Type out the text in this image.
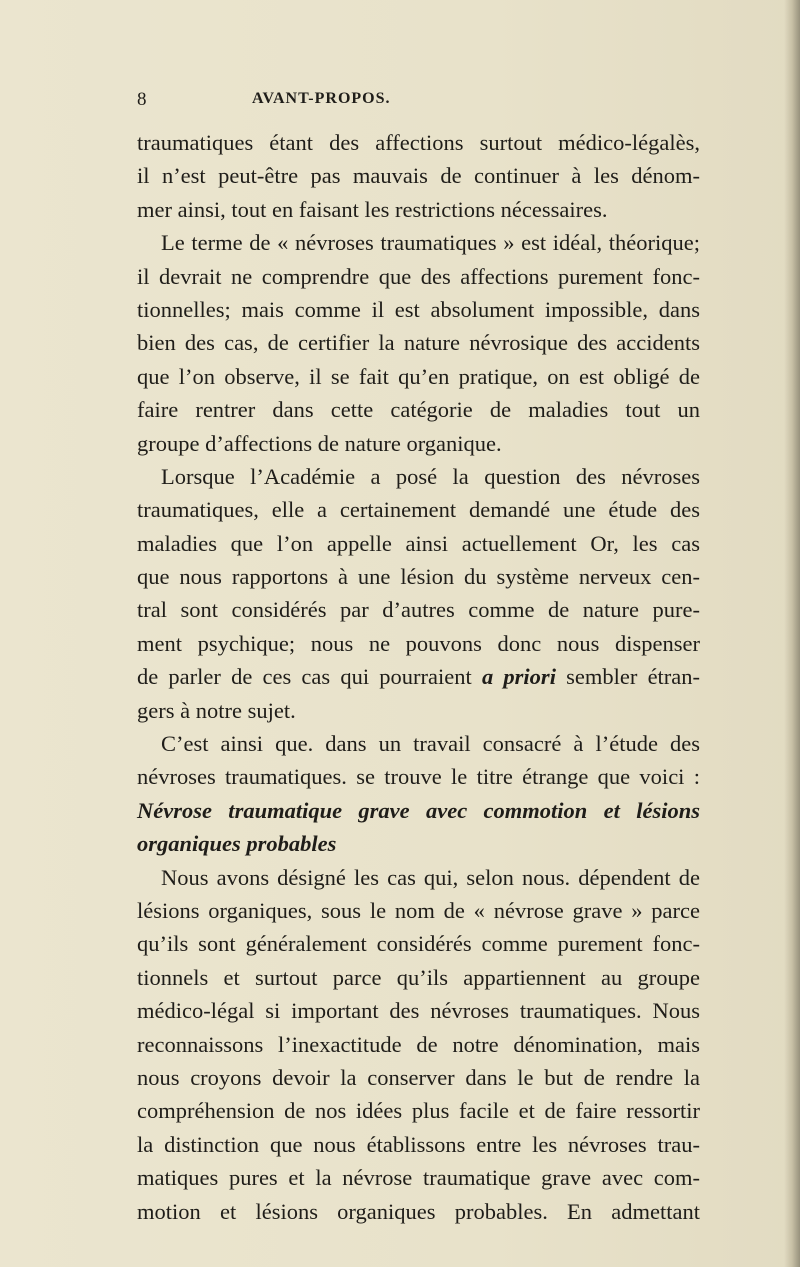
8	AVANT-PROPOS.
traumatiques étant des affections surtout médico-légalès,
il n’est peut-être pas mauvais de continuer à les dénom-
mer ainsi, tout en faisant les restrictions nécessaires.
Le terme de « névroses traumatiques » est idéal, théorique;
il devrait ne comprendre que des affections purement fonc-
tionnelles; mais comme il est absolument impossible, dans
bien des cas, de certifier la nature névrosique des accidents
que l’on observe, il se fait qu’en pratique, on est obligé de
faire rentrer dans cette catégorie de maladies tout un
groupe d’affections de nature organique.
Lorsque l’Académie a posé la question des névroses
traumatiques, elle a certainement demandé une étude des
maladies que l’on appelle ainsi actuellement Or, les cas
que nous rapportons à une lésion du système nerveux cen-
tral sont considérés par d’autres comme de nature pure-
ment psychique; nous ne pouvons donc nous dispenser
de parler de ces cas qui pourraient a priori sembler étran-
gers à notre sujet.
C’est ainsi que. dans un travail consacré à l’étude des
névroses traumatiques. se trouve le titre étrange que voici :
Névrose traumatique grave avec commotion et lésions
organiques probables
Nous avons désigné les cas qui, selon nous. dépendent de
lésions organiques, sous le nom de « névrose grave » parce
qu’ils sont généralement considérés comme purement fonc-
tionnels et surtout parce qu’ils appartiennent au groupe
médico-légal si important des névroses traumatiques. Nous
reconnaissons l’inexactitude de notre dénomination, mais
nous croyons devoir la conserver dans le but de rendre la
compréhension de nos idées plus facile et de faire ressortir
la distinction que nous établissons entre les névroses trau-
matiques pures et la névrose traumatique grave avec com-
motion et lésions organiques probables. En admettant
